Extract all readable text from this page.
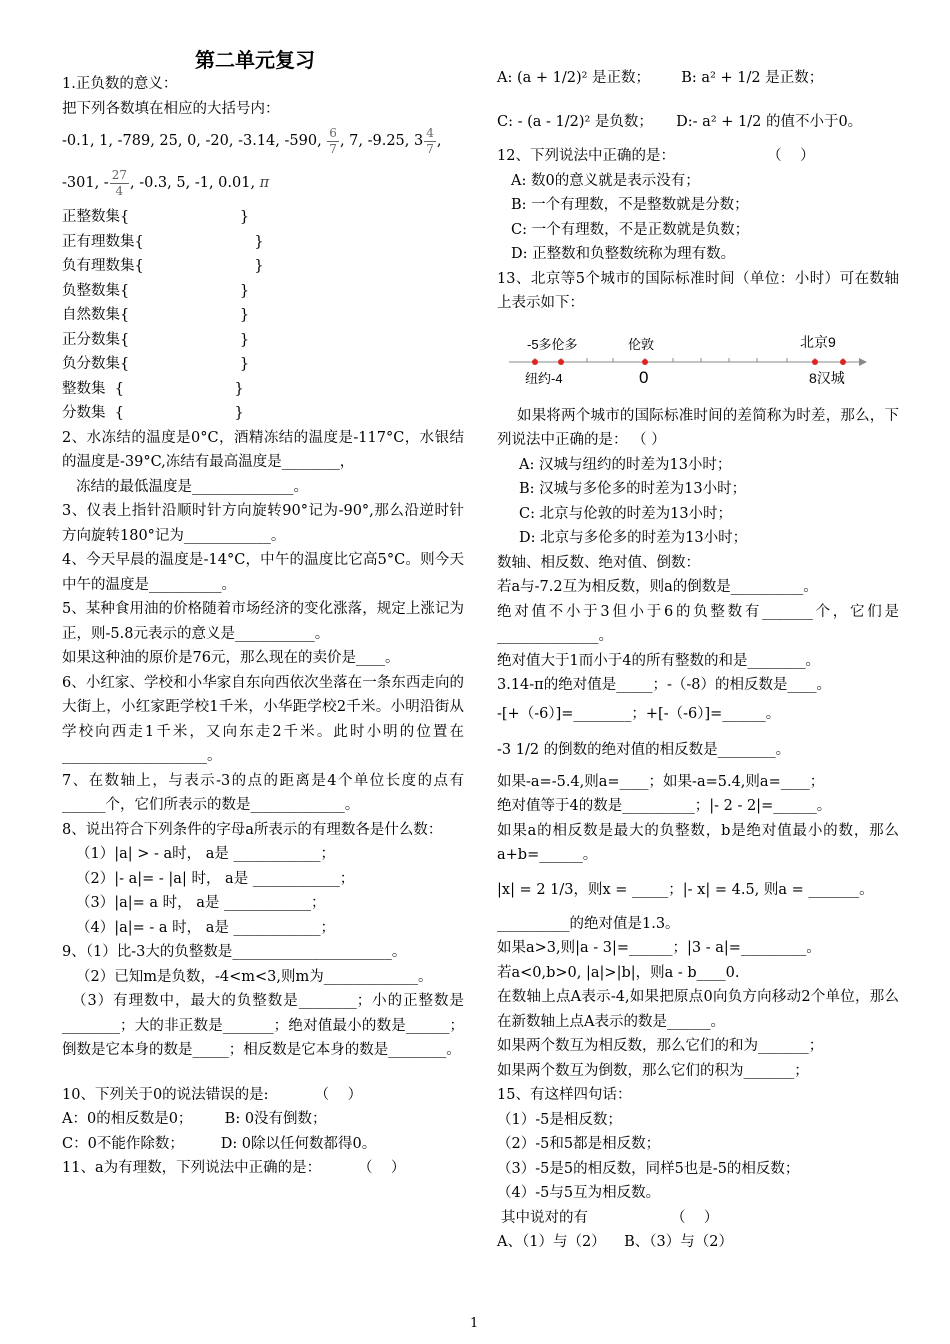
第二单元复习
1.正负数的意义：
把下列各数填在相应的大括号内：
-0.1, 1, -789, 25, 0, -20, -3.14, -590, $\frac{6}{7}$ , 7, -9.25, $3 \frac{4}{7}$ ,
-301, - $\frac{27}{4}$ , -0.3, 5, -1, 0.01, π
正整数集{                        }
正有理数集{                        }
负有理数集{                        }
负整数集{                        }
自然数集{                        }
正分数集{                        }
负分数集{                        }
整数集  {                        }
分数集  {                        }
2、水冻结的温度是0°C，酒精冻结的温度是-117°C，水银结的温度是-39°C,冻结有最高温度是________，
冻结的最低温度是______________。
3、仪表上指针沿顺时针方向旋转90°记为-90°,那么沿逆时针方向旋转180°记为____________。
4、今天早晨的温度是-14°C，中午的温度比它高5°C。则今天中午的温度是__________。
5、某种食用油的价格随着市场经济的变化涨落，规定上涨记为正，则-5.8元表示的意义是___________。
如果这种油的原价是76元，那么现在的卖价是____。
6、小红家、学校和小华家自东向西依次坐落在一条东西走向的大街上，小红家距学校1千米，小华距学校2千米。小明沿街从学校向西走1千米，又向东走2千米。此时小明的位置在____________________。
7、在数轴上，与表示-3的点的距离是4个单位长度的点有______个，它们所表示的数是_____________。
8、说出符合下列条件的字母a所表示的有理数各是什么数：
（1）|a| > - a时， a是 ____________；
（2）|- a|= - |a| 时， a是 ____________；
（3）|a|= a 时， a是 ____________；
（4）|a|= - a 时， a是 ____________；
9、（1）比-3大的负整数是______________________。
（2）已知m是负数，-4<m<3,则m为_____________。
（3）有理数中，最大的负整数是________；小的正整数是________；大的非正数是_______；绝对值最小的数是______；倒数是它本身的数是_____；相反数是它本身的数是________。
10、下列关于0的说法错误的是:          （    ）
A：0的相反数是0；       B: 0没有倒数；
C：0不能作除数；        D: 0除以任何数都得0。
11、a为有理数，下列说法中正确的是：        （    ）
A: (a + 1/2)² 是正数； B: a² + 1/2 是正数；
C: - (a - 1/2)² 是负数； D:- a² + 1/2 的值不小于0。
12、下列说法中正确的是：                    （    ）
A: 数0的意义就是表示没有；
B: 一个有理数，不是整数就是分数；
C: 一个有理数，不是正数就是负数；
D: 正整数和负整数统称为理有数。
13、北京等5个城市的国际标准时间（单位：小时）可在数轴上表示如下：
-5多伦多	伦敦	北京9
纽约-4	0	8汉城
如果将两个城市的国际标准时间的差简称为时差，那么，下列说法中正确的是： （ ）
A: 汉城与纽约的时差为13小时；
B: 汉城与多伦多的时差为13小时；
C: 北京与伦敦的时差为13小时；
D: 北京与多伦多的时差为13小时；
数轴、相反数、绝对值、倒数：
若a与-7.2互为相反数，则a的倒数是__________。
绝对值不小于3但小于6的负整数有_______个，它们是______________。
绝对值大于1而小于4的所有整数的和是________。
3.14-π的绝对值是_____；-（-8）的相反数是____。
-[+（-6）]=________；+[-（-6）]=______。
-3 1/2 的倒数的绝对值的相反数是________。
如果-a=-5.4,则a=____；如果-a=5.4,则a=____；
绝对值等于4的数是__________；|- 2 - 2|=______。
如果a的相反数是最大的负整数，b是绝对值最小的数，那么a+b=______。
|x| = 2 1/3，则x = _____；|- x| = 4.5, 则a = _______。
__________的绝对值是1.3。
如果a>3,则|a - 3|=______；|3 - a|=_________。
若a<0,b>0, |a|>|b|，则a - b____0.
在数轴上点A表示-4,如果把原点0向负方向移动2个单位，那么在新数轴上点A表示的数是______。
如果两个数互为相反数，那么它们的和为_______；
如果两个数互为倒数，那么它们的积为_______；
15、有这样四句话：
（1）-5是相反数；
（2）-5和5都是相反数；
（3）-5是5的相反数，同样5也是-5的相反数；
（4）-5与5互为相反数。
其中说对的有                  （    ）
A、（1）与（2）    B、（3）与（2）
1
